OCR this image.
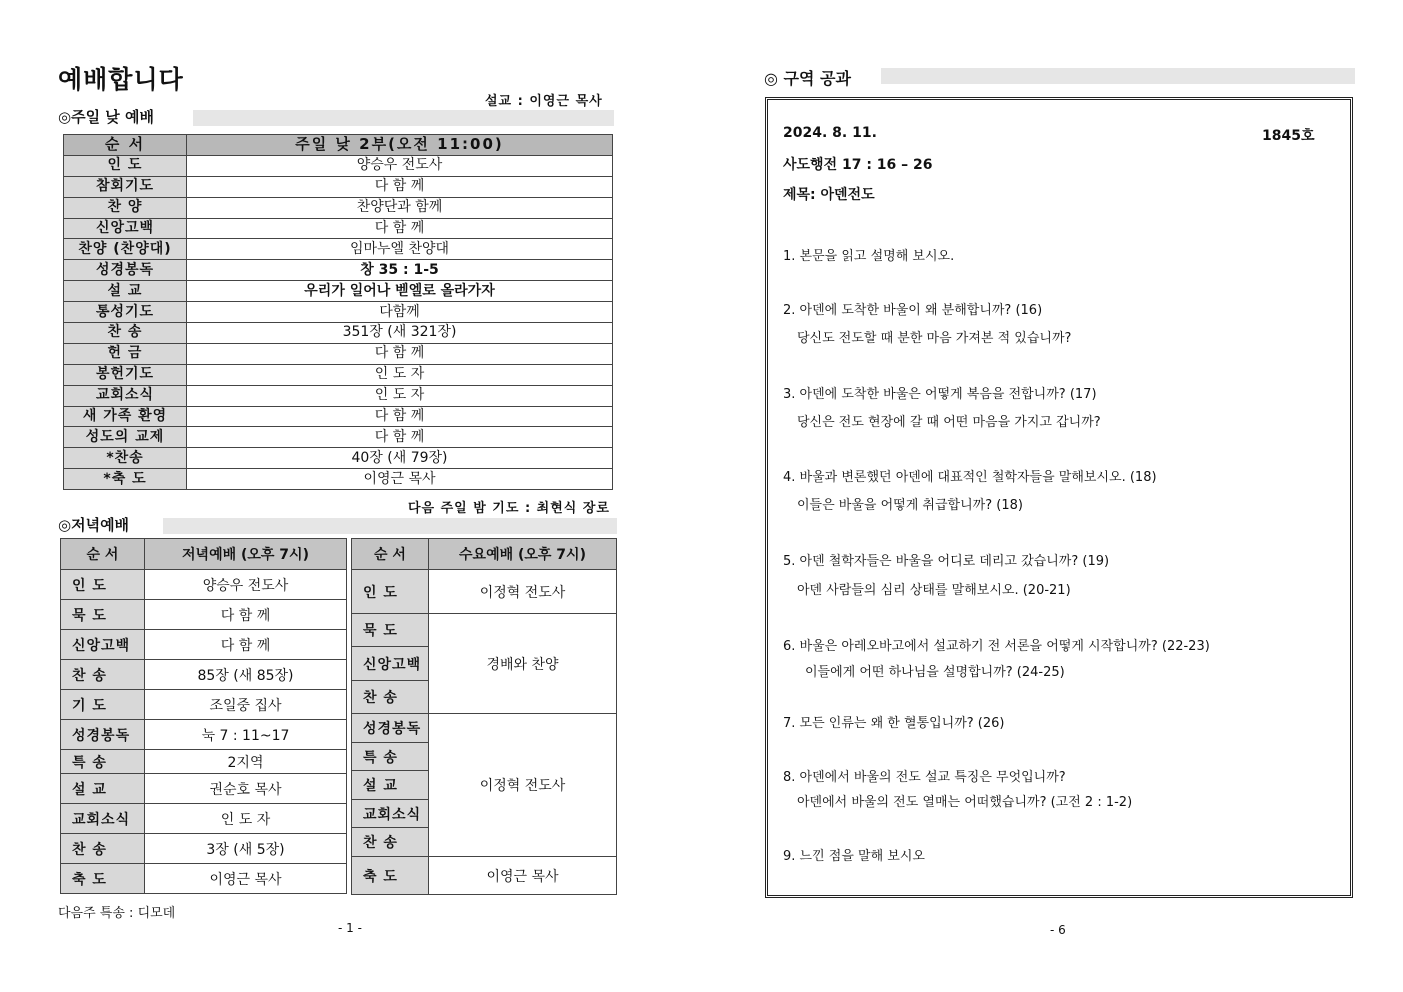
예배합니다
설교 : 이영근 목사
◎주일 낮 예배
순 서	주일 낮 2부(오전 11:00)
인 도	양승우 전도사
참회기도	다 함 께
찬 양	찬양단과 함께
신앙고백	다 함 께
찬양 (찬양대)	임마누엘 찬양대
성경봉독	창 35 : 1-5
설 교	우리가 일어나 벧엘로 올라가자
통성기도	다함께
찬 송	351장 (새 321장)
헌 금	다 함 께
봉헌기도	인 도 자
교회소식	인 도 자
새 가족 환영	다 함 께
성도의 교제	다 함 께
*찬송	40장 (새 79장)
*축 도	이영근 목사
다음 주일 밤 기도 : 최현식 장로
◎저녁예배
순 서	저녁예배 (오후 7시)
인 도	양승우 전도사
묵 도	다 함 께
신앙고백	다 함 께
찬 송	85장 (새 85장)
기 도	조일중 집사
성경봉독	눅 7 : 11~17
특 송	2지역
설 교	권순호 목사
교회소식	인 도 자
찬 송	3장 (새 5장)
축 도	이영근 목사
순 서	수요예배 (오후 7시)
인 도	이정혁 전도사
묵 도	경배와 찬양
신앙고백	
찬 송	
성경봉독	이정혁 전도사
특 송	
설 교	
교회소식	
찬 송	
축 도	이영근 목사
다음주 특송 : 디모데
- 1 -
◎ 구역 공과
2024. 8. 11.	1845호
사도행전 17 : 16 – 26
제목: 아덴전도
1. 본문을 읽고 설명해 보시오.
2. 아덴에 도착한 바울이 왜 분해합니까? (16)
당신도 전도할 때 분한 마음 가져본 적 있습니까?
3. 아덴에 도착한 바울은 어떻게 복음을 전합니까? (17)
당신은 전도 현장에 갈 때 어떤 마음을 가지고 갑니까?
4. 바울과 변론했던 아덴에 대표적인 철학자들을 말해보시오. (18)
이들은 바울을 어떻게 취급합니까? (18)
5. 아덴 철학자들은 바울을 어디로 데리고 갔습니까? (19)
아덴 사람들의 심리 상태를 말해보시오. (20-21)
6. 바울은 아레오바고에서 설교하기 전 서론을 어떻게 시작합니까? (22-23)
이들에게 어떤 하나님을 설명합니까? (24-25)
7. 모든 인류는 왜 한 혈통입니까? (26)
8. 아덴에서 바울의 전도 설교 특징은 무엇입니까?
아덴에서 바울의 전도 열매는 어떠했습니까? (고전 2 : 1-2)
9. 느낀 점을 말해 보시오
- 6
